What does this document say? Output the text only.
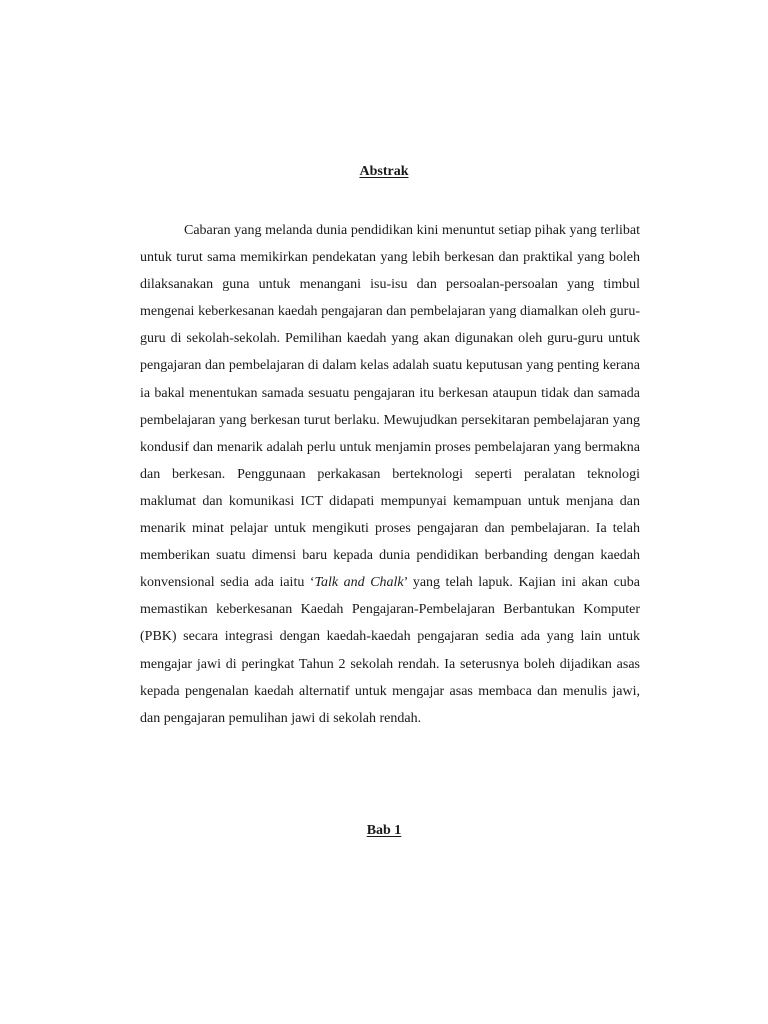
Abstrak

Cabaran yang melanda dunia pendidikan kini menuntut setiap pihak yang terlibat untuk turut sama memikirkan pendekatan yang lebih berkesan dan praktikal yang boleh dilaksanakan guna untuk menangani isu-isu dan persoalan-persoalan yang timbul mengenai keberkesanan kaedah pengajaran dan pembelajaran yang diamalkan oleh guru-guru di sekolah-sekolah. Pemilihan kaedah yang akan digunakan oleh guru-guru untuk pengajaran dan pembelajaran di dalam kelas adalah suatu keputusan yang penting kerana ia bakal menentukan samada sesuatu pengajaran itu berkesan ataupun tidak dan samada pembelajaran yang berkesan turut berlaku. Mewujudkan persekitaran pembelajaran yang kondusif dan menarik adalah perlu untuk menjamin proses pembelajaran yang bermakna dan berkesan. Penggunaan perkakasan berteknologi seperti peralatan teknologi maklumat dan komunikasi ICT didapati mempunyai kemampuan untuk menjana dan menarik minat pelajar untuk mengikuti proses pengajaran dan pembelajaran. Ia telah memberikan suatu dimensi baru kepada dunia pendidikan berbanding dengan kaedah konvensional sedia ada iaitu ‘Talk and Chalk’ yang telah lapuk. Kajian ini akan cuba memastikan keberkesanan Kaedah Pengajaran-Pembelajaran Berbantukan Komputer (PBK) secara integrasi dengan kaedah-kaedah pengajaran sedia ada yang lain untuk mengajar jawi di peringkat Tahun 2 sekolah rendah. Ia seterusnya boleh dijadikan asas kepada pengenalan kaedah alternatif untuk mengajar asas membaca dan menulis jawi, dan pengajaran pemulihan jawi di sekolah rendah.

Bab 1
